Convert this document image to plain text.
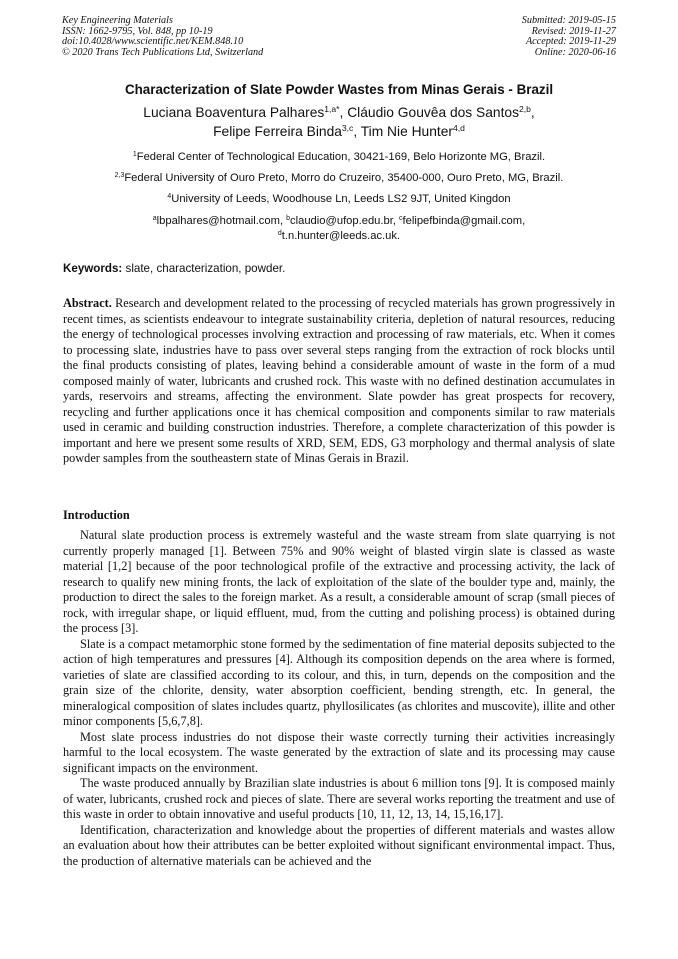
Key Engineering Materials
ISSN: 1662-9795, Vol. 848, pp 10-19
doi:10.4028/www.scientific.net/KEM.848.10
© 2020 Trans Tech Publications Ltd, Switzerland
Submitted: 2019-05-15
Revised: 2019-11-27
Accepted: 2019-11-29
Online: 2020-06-16
Characterization of Slate Powder Wastes from Minas Gerais - Brazil
Luciana Boaventura Palhares$^{1,a*}$, Cláudio Gouvêa dos Santos$^{2,b}$,
Felipe Ferreira Binda$^{3,c}$, Tim Nie Hunter$^{4,d}$
$^1$Federal Center of Technological Education, 30421-169, Belo Horizonte MG, Brazil.
$^{2,3}$Federal University of Ouro Preto, Morro do Cruzeiro, 35400-000, Ouro Preto, MG, Brazil.
$^4$University of Leeds, Woodhouse Ln, Leeds LS2 9JT, United Kingdon
$^a$lbpalhares@hotmail.com, $^b$claudio@ufop.edu.br, $^c$felipefbinda@gmail.com,
$^d$t.n.hunter@leeds.ac.uk.
Keywords: slate, characterization, powder.
Abstract. Research and development related to the processing of recycled materials has grown progressively in recent times, as scientists endeavour to integrate sustainability criteria, depletion of natural resources, reducing the energy of technological processes involving extraction and processing of raw materials, etc. When it comes to processing slate, industries have to pass over several steps ranging from the extraction of rock blocks until the final products consisting of plates, leaving behind a considerable amount of waste in the form of a mud composed mainly of water, lubricants and crushed rock. This waste with no defined destination accumulates in yards, reservoirs and streams, affecting the environment. Slate powder has great prospects for recovery, recycling and further applications once it has chemical composition and components similar to raw materials used in ceramic and building construction industries. Therefore, a complete characterization of this powder is important and here we present some results of XRD, SEM, EDS, G3 morphology and thermal analysis of slate powder samples from the southeastern state of Minas Gerais in Brazil.
Introduction

Natural slate production process is extremely wasteful and the waste stream from slate quarrying is not currently properly managed [1]. Between 75% and 90% weight of blasted virgin slate is classed as waste material [1,2] because of the poor technological profile of the extractive and processing activity, the lack of research to qualify new mining fronts, the lack of exploitation of the slate of the boulder type and, mainly, the production to direct the sales to the foreign market. As a result, a considerable amount of scrap (small pieces of rock, with irregular shape, or liquid effluent, mud, from the cutting and polishing process) is obtained during the process [3].

Slate is a compact metamorphic stone formed by the sedimentation of fine material deposits subjected to the action of high temperatures and pressures [4]. Although its composition depends on the area where is formed, varieties of slate are classified according to its colour, and this, in turn, depends on the composition and the grain size of the chlorite, density, water absorption coefficient, bending strength, etc. In general, the mineralogical composition of slates includes quartz, phyllosilicates (as chlorites and muscovite), illite and other minor components [5,6,7,8].

Most slate process industries do not dispose their waste correctly turning their activities increasingly harmful to the local ecosystem. The waste generated by the extraction of slate and its processing may cause significant impacts on the environment.

The waste produced annually by Brazilian slate industries is about 6 million tons [9]. It is composed mainly of water, lubricants, crushed rock and pieces of slate. There are several works reporting the treatment and use of this waste in order to obtain innovative and useful products [10, 11, 12, 13, 14, 15,16,17].

Identification, characterization and knowledge about the properties of different materials and wastes allow an evaluation about how their attributes can be better exploited without significant environmental impact. Thus, the production of alternative materials can be achieved and the
